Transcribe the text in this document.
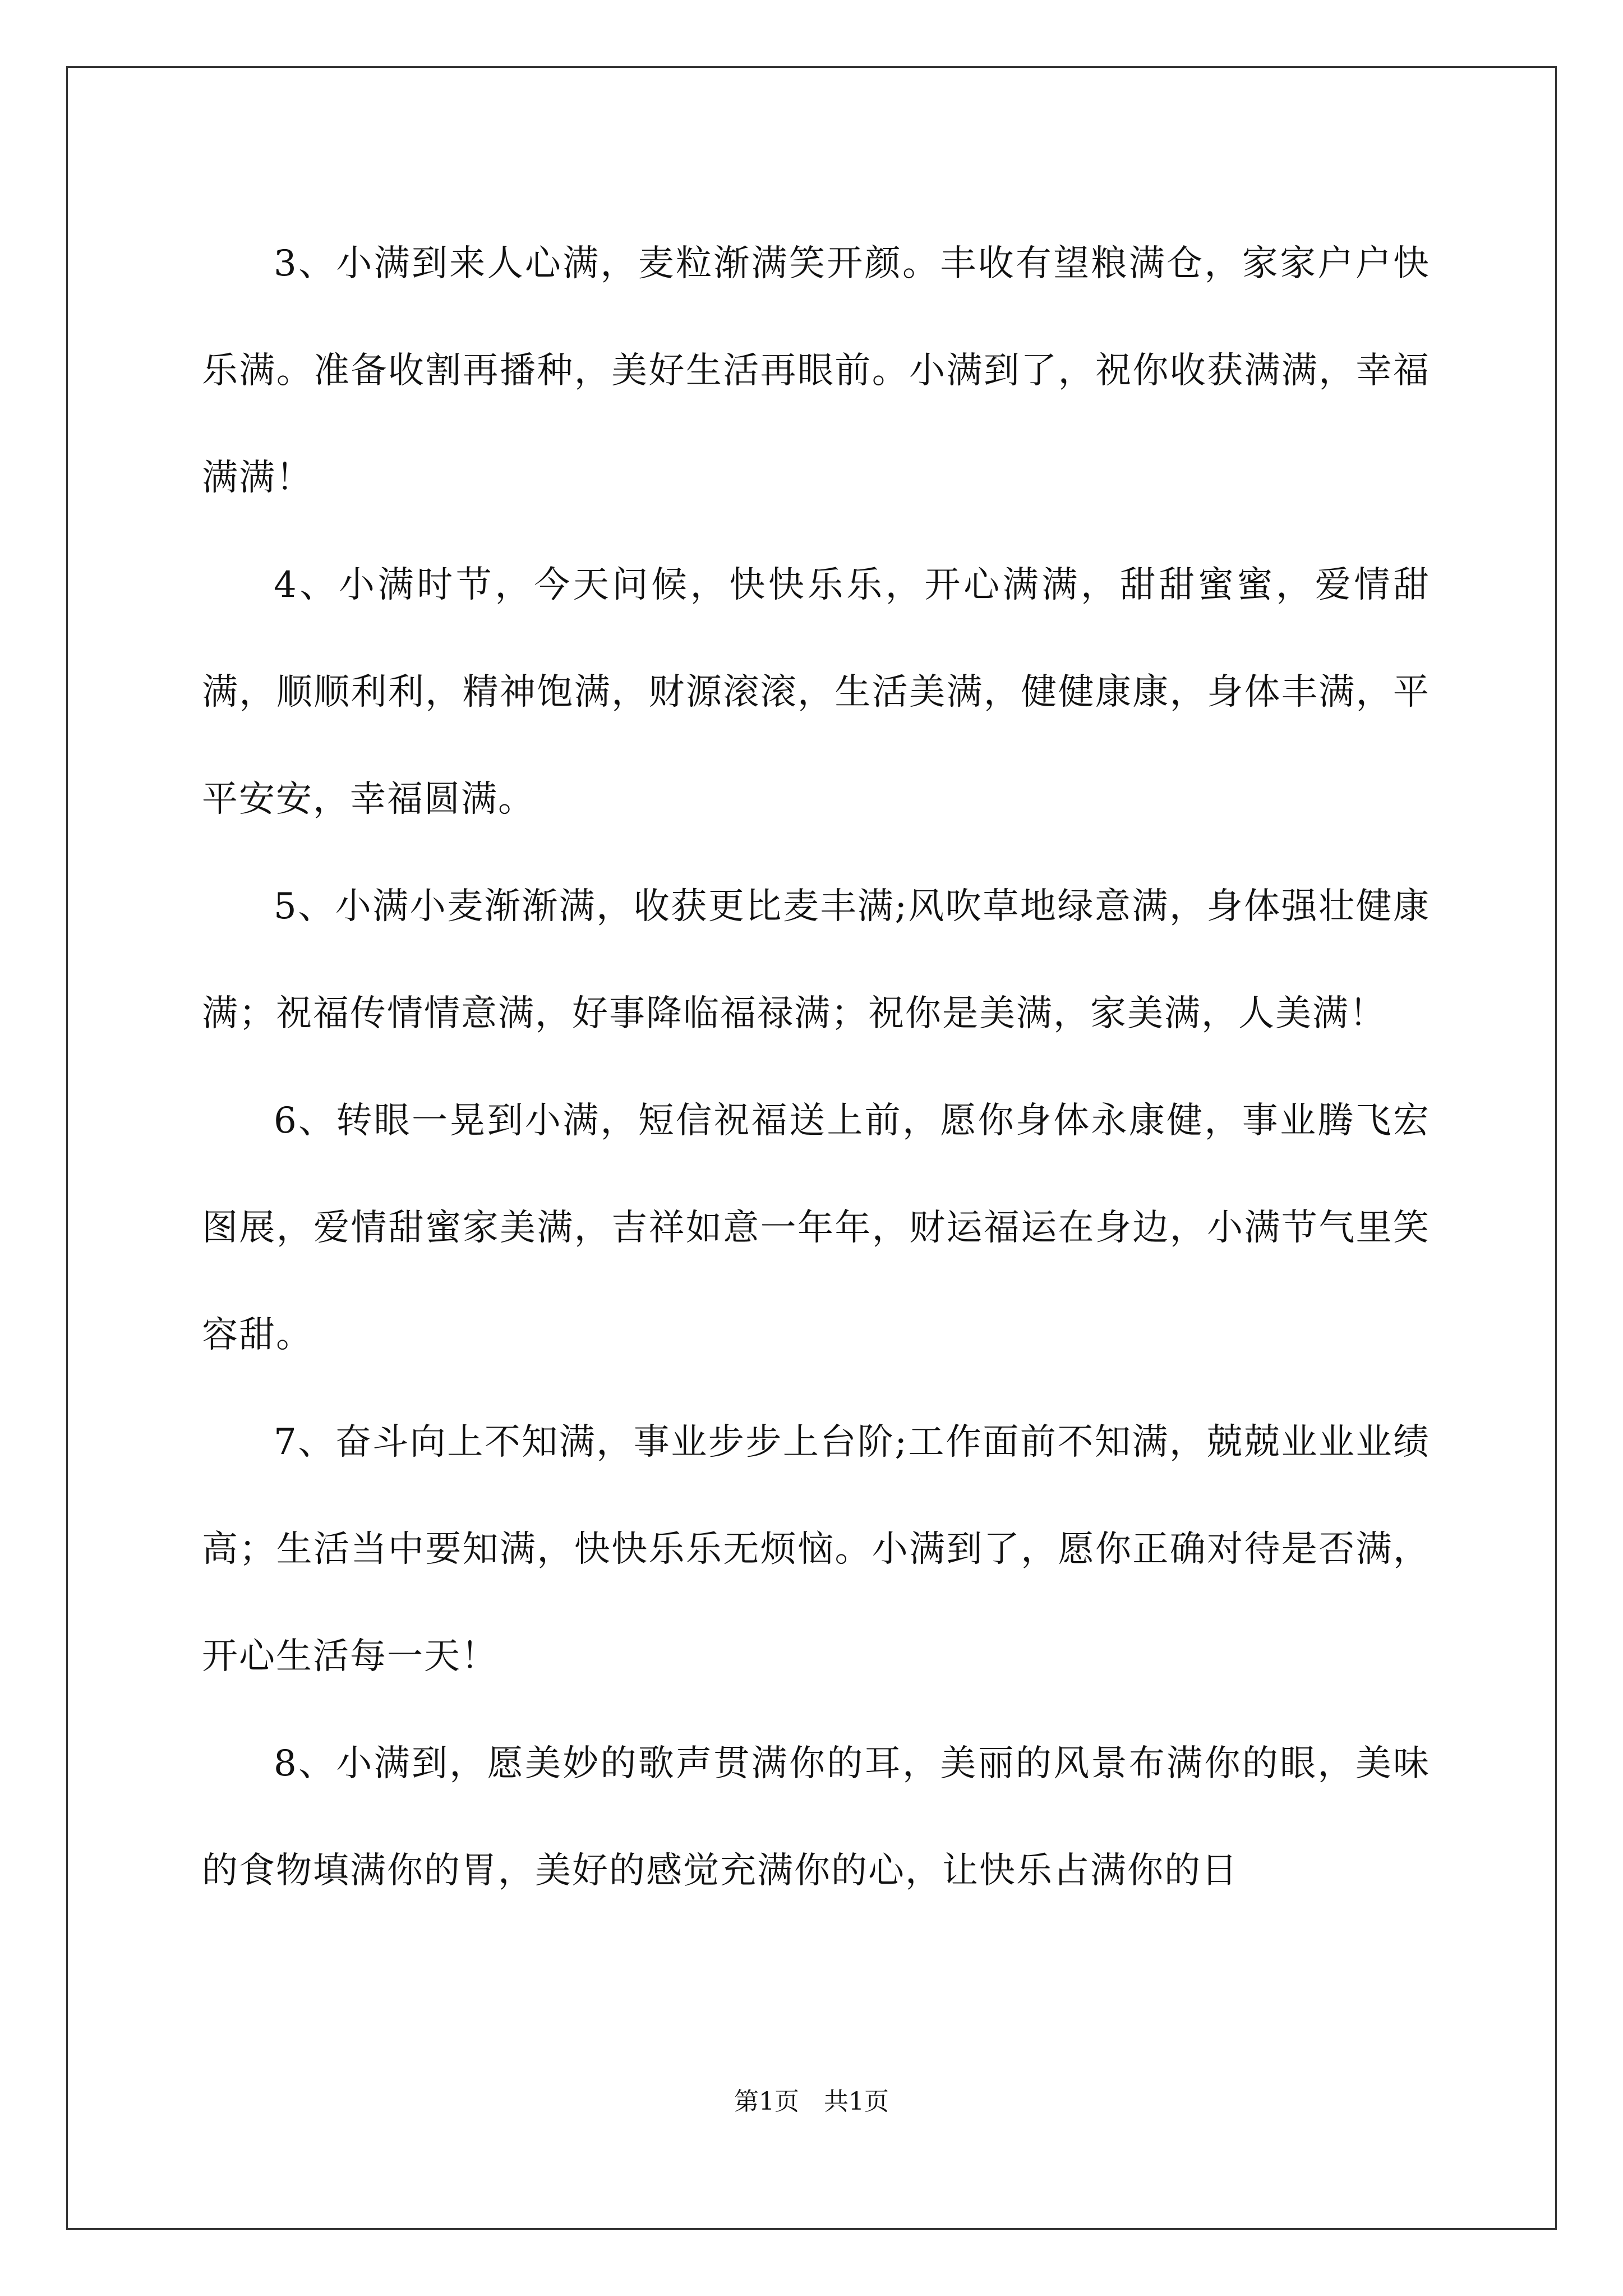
3、小满到来人心满，麦粒渐满笑开颜。丰收有望粮满仓，家家户户快乐满。准备收割再播种，美好生活再眼前。小满到了，祝你收获满满，幸福满满！

4、小满时节，今天问候，快快乐乐，开心满满，甜甜蜜蜜，爱情甜满，顺顺利利，精神饱满，财源滚滚，生活美满，健健康康，身体丰满，平平安安，幸福圆满。

5、小满小麦渐渐满，收获更比麦丰满;风吹草地绿意满，身体强壮健康满；祝福传情情意满，好事降临福禄满；祝你是美满，家美满，人美满！

6、转眼一晃到小满，短信祝福送上前，愿你身体永康健，事业腾飞宏图展，爱情甜蜜家美满，吉祥如意一年年，财运福运在身边，小满节气里笑容甜。

7、奋斗向上不知满，事业步步上台阶;工作面前不知满，兢兢业业业绩高；生活当中要知满，快快乐乐无烦恼。小满到了，愿你正确对待是否满，开心生活每一天！

8、小满到，愿美妙的歌声贯满你的耳，美丽的风景布满你的眼，美味的食物填满你的胃，美好的感觉充满你的心，让快乐占满你的日

第1页　共1页
